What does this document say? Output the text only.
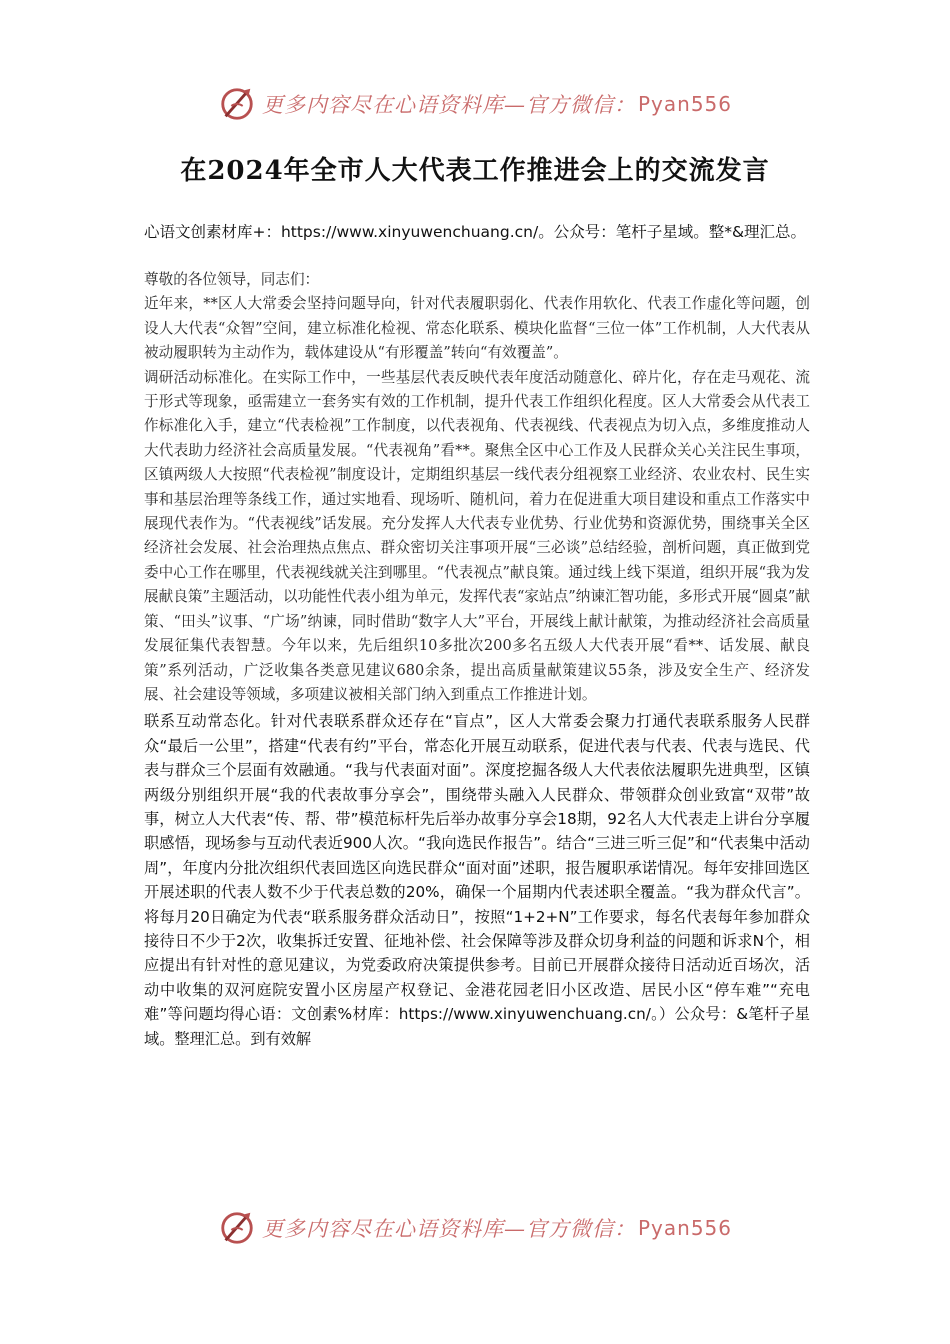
更多内容尽在心语资料库—官方微信： Pyan556
在2024年全市人大代表工作推进会上的交流发言
心语文创素材库+：https://www.xinyuwenchuang.cn/。公众号：笔杆子星域。整*&理汇总。

尊敬的各位领导，同志们：

近年来，**区人大常委会坚持问题导向，针对代表履职弱化、代表作用软化、代表工作虚化等问题，创设人大代表“众智”空间，建立标准化检视、常态化联系、模块化监督“三位一体”工作机制，人大代表从被动履职转为主动作为，载体建设从“有形覆盖”转向“有效覆盖”。

调研活动标准化。在实际工作中，一些基层代表反映代表年度活动随意化、碎片化，存在走马观花、流于形式等现象，亟需建立一套务实有效的工作机制，提升代表工作组织化程度。区人大常委会从代表工作标准化入手，建立“代表检视”工作制度，以代表视角、代表视线、代表视点为切入点，多维度推动人大代表助力经济社会高质量发展。“代表视角”看**。聚焦全区中心工作及人民群众关心关注民生事项，区镇两级人大按照“代表检视”制度设计，定期组织基层一线代表分组视察工业经济、农业农村、民生实事和基层治理等条线工作，通过实地看、现场听、随机问，着力在促进重大项目建设和重点工作落实中展现代表作为。“代表视线”话发展。充分发挥人大代表专业优势、行业优势和资源优势，围绕事关全区经济社会发展、社会治理热点焦点、群众密切关注事项开展“三必谈”总结经验，剖析问题，真正做到党委中心工作在哪里，代表视线就关注到哪里。“代表视点”献良策。通过线上线下渠道，组织开展“我为发展献良策”主题活动，以功能性代表小组为单元，发挥代表“家站点”纳谏汇智功能，多形式开展“圆桌”献策、“田头”议事、“广场”纳谏，同时借助“数字人大”平台，开展线上献计献策，为推动经济社会高质量发展征集代表智慧。今年以来，先后组织10多批次200多名五级人大代表开展“看**、话发展、献良策”系列活动，广泛收集各类意见建议680余条，提出高质量献策建议55条，涉及安全生产、经济发展、社会建设等领域，多项建议被相关部门纳入到重点工作推进计划。

联系互动常态化。针对代表联系群众还存在“盲点”，区人大常委会聚力打通代表联系服务人民群众“最后一公里”，搭建“代表有约”平台，常态化开展互动联系，促进代表与代表、代表与选民、代表与群众三个层面有效融通。“我与代表面对面”。深度挖掘各级人大代表依法履职先进典型，区镇两级分别组织开展“我的代表故事分享会”，围绕带头融入人民群众、带领群众创业致富“双带”故事，树立人大代表“传、帮、带”模范标杆先后举办故事分享会18期，92名人大代表走上讲台分享履职感悟，现场参与互动代表近900人次。“我向选民作报告”。结合“三进三听三促”和“代表集中活动周”，年度内分批次组织代表回选区向选民群众“面对面”述职，报告履职承诺情况。每年安排回选区开展述职的代表人数不少于代表总数的20%，确保一个届期内代表述职全覆盖。“我为群众代言”。将每月20日确定为代表“联系服务群众活动日”，按照“1+2+N”工作要求，每名代表每年参加群众接待日不少于2次，收集拆迁安置、征地补偿、社会保障等涉及群众切身利益的问题和诉求N个，相应提出有针对性的意见建议，为党委政府决策提供参考。目前已开展群众接待日活动近百场次，活动中收集的双河庭院安置小区房屋产权登记、金港花园老旧小区改造、居民小区“停车难”“充电难”等问题均得心语：文创素%材库：https://www.xinyuwenchuang.cn/。）公众号：&笔杆子星域。整理汇总。到有效解

更多内容尽在心语资料库—官方微信： Pyan556
